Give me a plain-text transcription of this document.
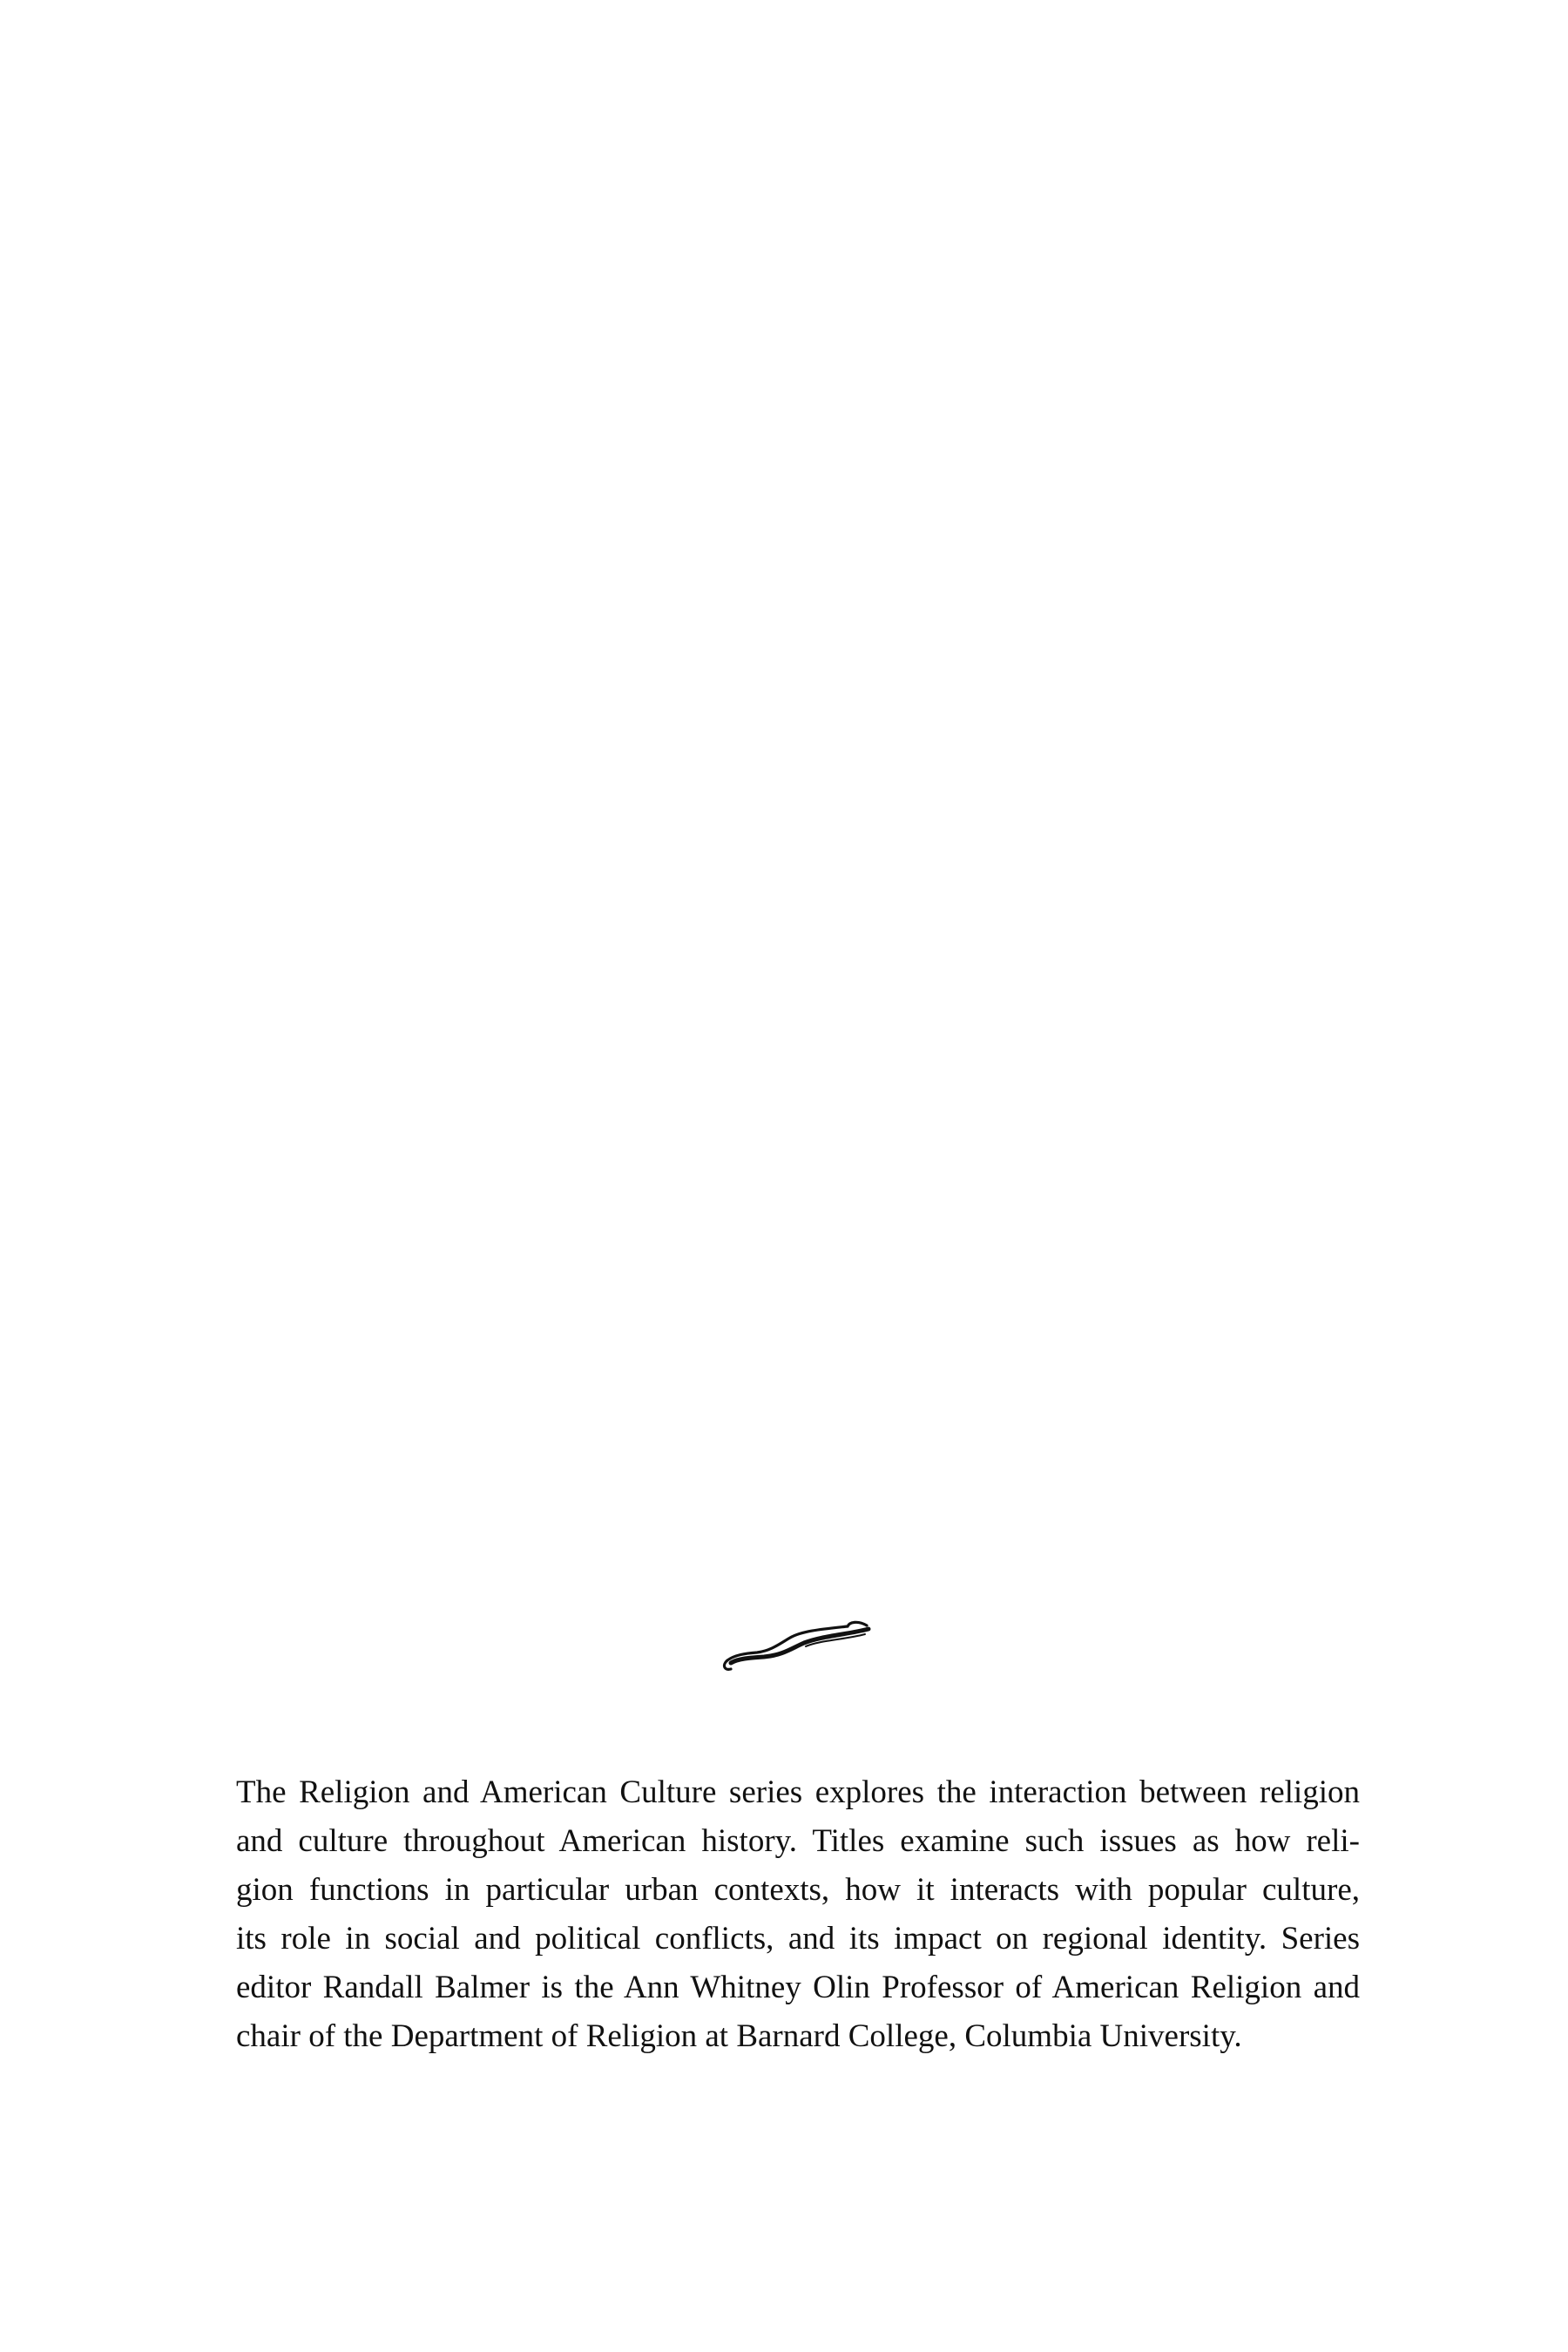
The Religion and American Culture series explores the interaction between religion
and culture throughout American history. Titles examine such issues as how reli-
gion functions in particular urban contexts, how it interacts with popular culture,
its role in social and political conflicts, and its impact on regional identity. Series
editor Randall Balmer is the Ann Whitney Olin Professor of American Religion and
chair of the Department of Religion at Barnard College, Columbia University.
